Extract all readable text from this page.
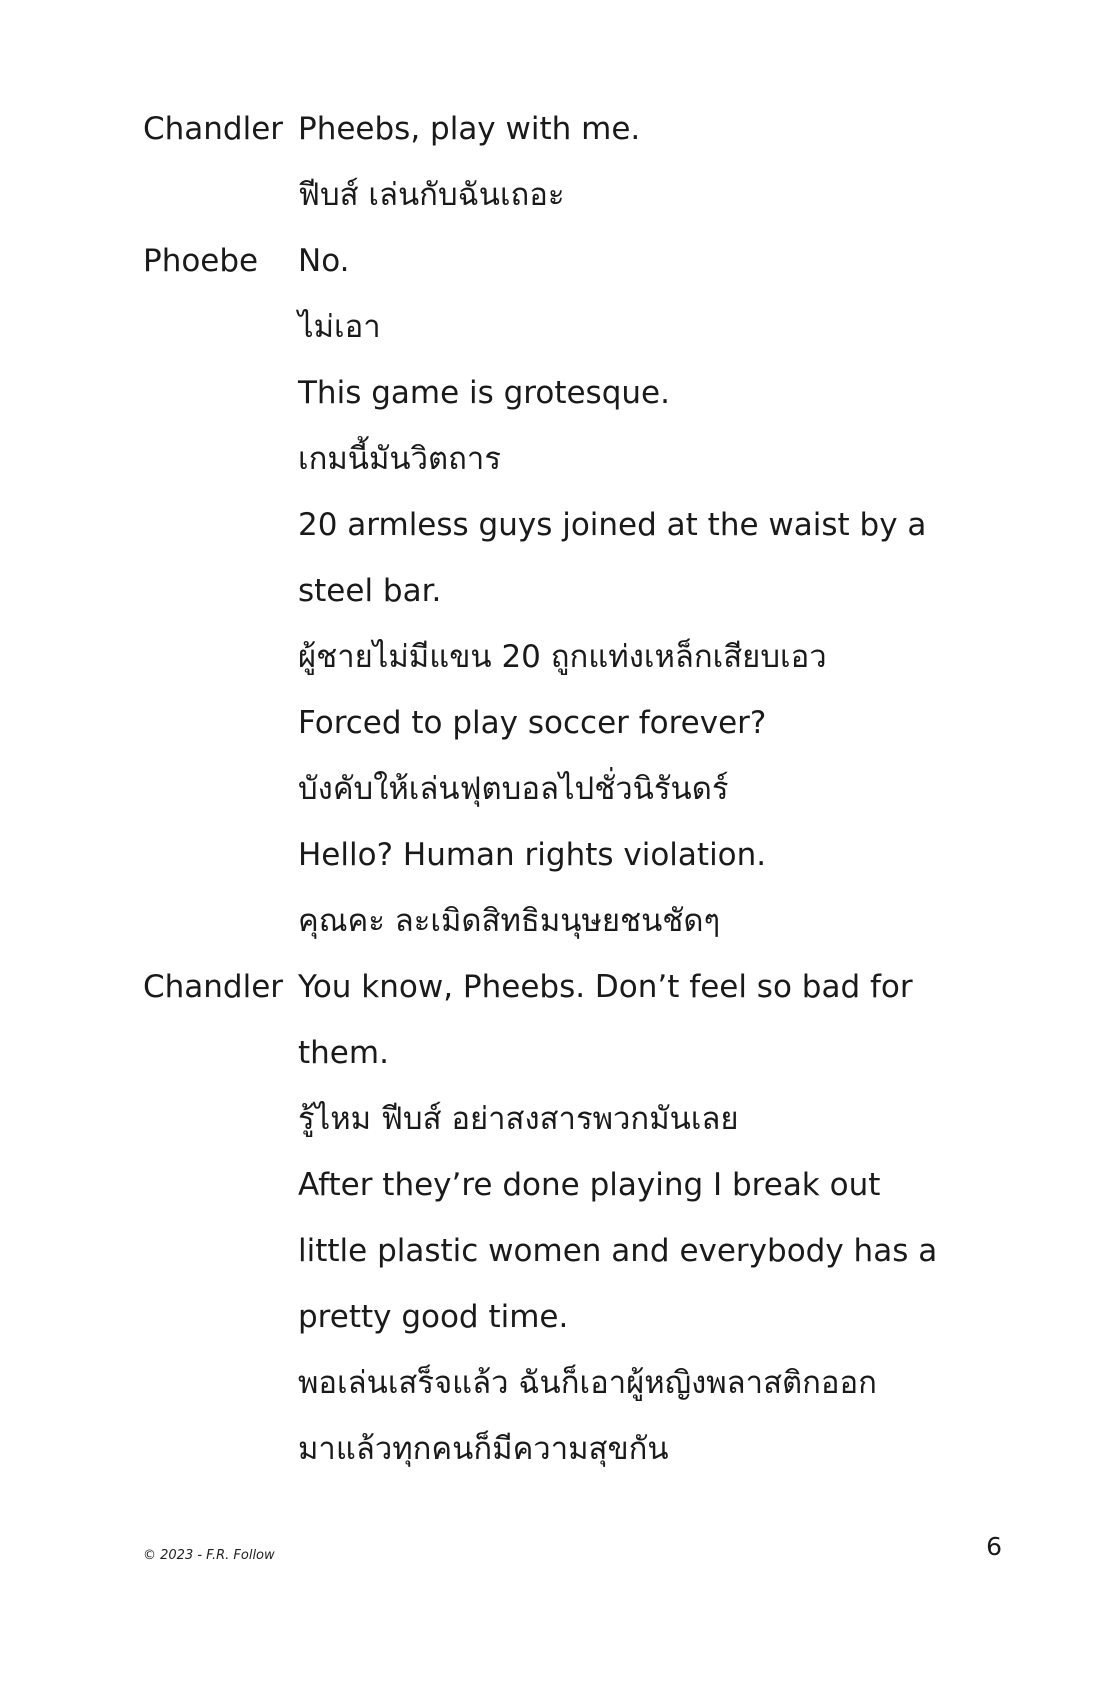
Chandler Pheebs, play with me.
ฟีบส์ เล่นกับฉันเถอะ
Phoebe	No.
ไม่เอา
This game is grotesque.
เกมนี้มันวิตถาร
20 armless guys joined at the waist by a
steel bar.
ผู้ชายไม่มีแขน 20 ถูกแท่งเหล็กเสียบเอว
Forced to play soccer forever?
บังคับให้เล่นฟุตบอลไปชั่วนิรันดร์
Hello? Human rights violation.
คุณคะ ละเมิดสิทธิมนุษยชนชัดๆ
Chandler You know, Pheebs. Don’t feel so bad for
them.
รู้ไหม ฟีบส์ อย่าสงสารพวกมันเลย
After they’re done playing I break out
little plastic women and everybody has a
pretty good time.
พอเล่นเสร็จแล้ว ฉันก็เอาผู้หญิงพลาสติกออก
มาแล้วทุกคนก็มีความสุขกัน
© 2023 - F.R. Follow	6
